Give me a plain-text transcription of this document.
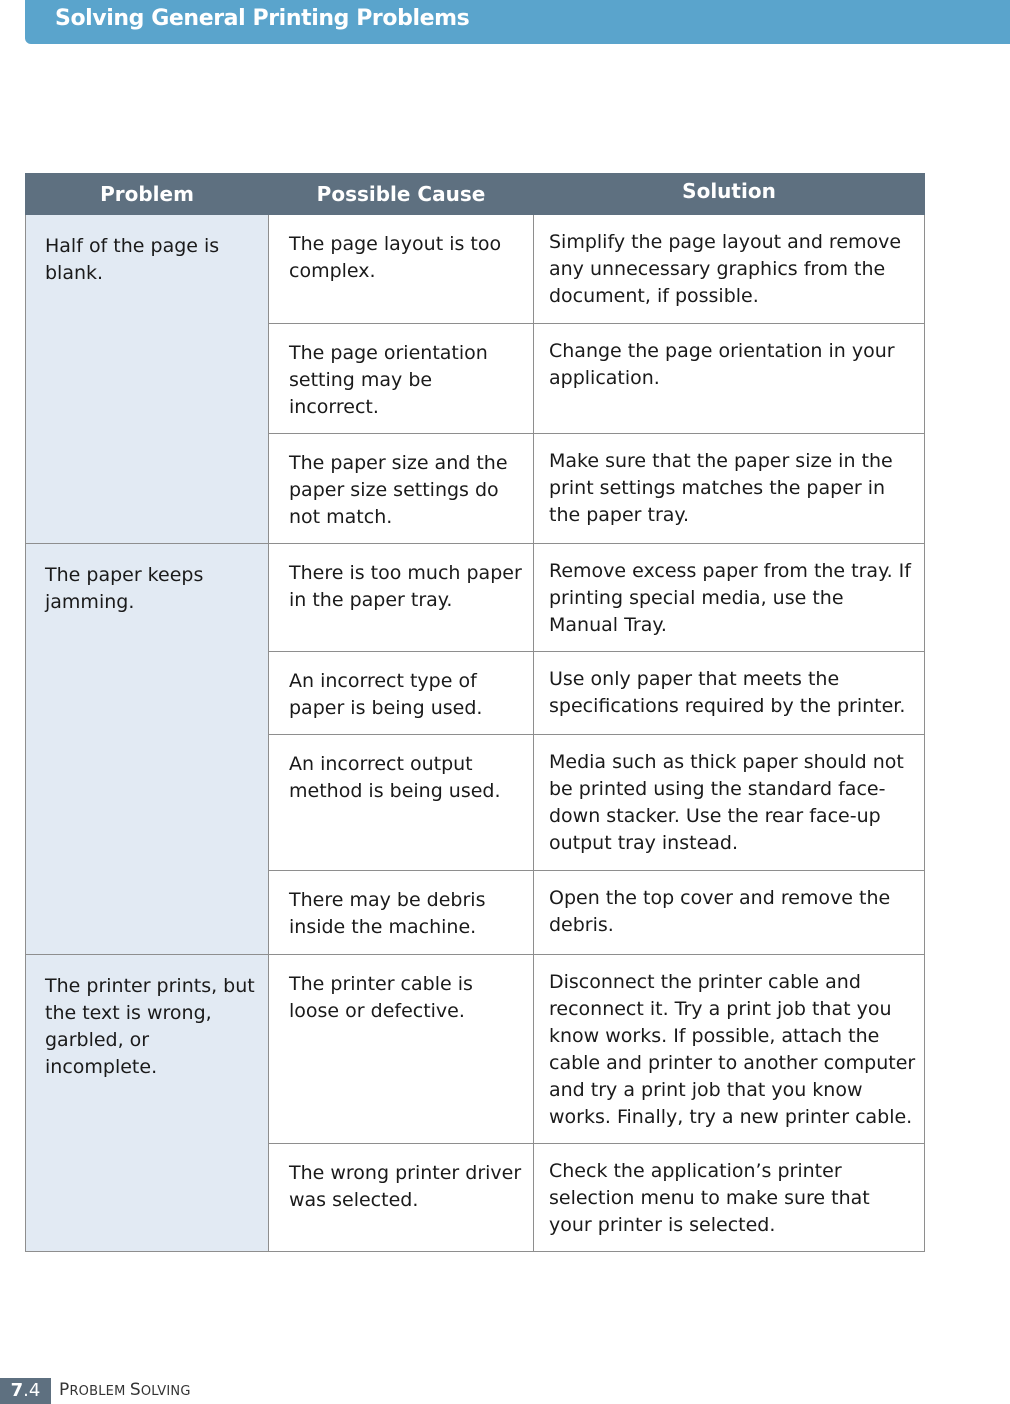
Solving General Printing Problems
Problem	Possible Cause	Solution
Half of the page is blank.	The page layout is too complex.	Simplify the page layout and remove any unnecessary graphics from the document, if possible.
	The page orientation setting may be incorrect.	Change the page orientation in your application.
	The paper size and the paper size settings do not match.	Make sure that the paper size in the print settings matches the paper in the paper tray.
The paper keeps jamming.	There is too much paper in the paper tray.	Remove excess paper from the tray. If printing special media, use the Manual Tray.
	An incorrect type of paper is being used.	Use only paper that meets the specifications required by the printer.
	An incorrect output method is being used.	Media such as thick paper should not be printed using the standard face-down stacker. Use the rear face-up output tray instead.
	There may be debris inside the machine.	Open the top cover and remove the debris.
The printer prints, but the text is wrong, garbled, or incomplete.	The printer cable is loose or defective.	Disconnect the printer cable and reconnect it. Try a print job that you know works. If possible, attach the cable and printer to another computer and try a print job that you know works. Finally, try a new printer cable.
	The wrong printer driver was selected.	Check the application’s printer selection menu to make sure that your printer is selected.
7.4	PROBLEM SOLVING
